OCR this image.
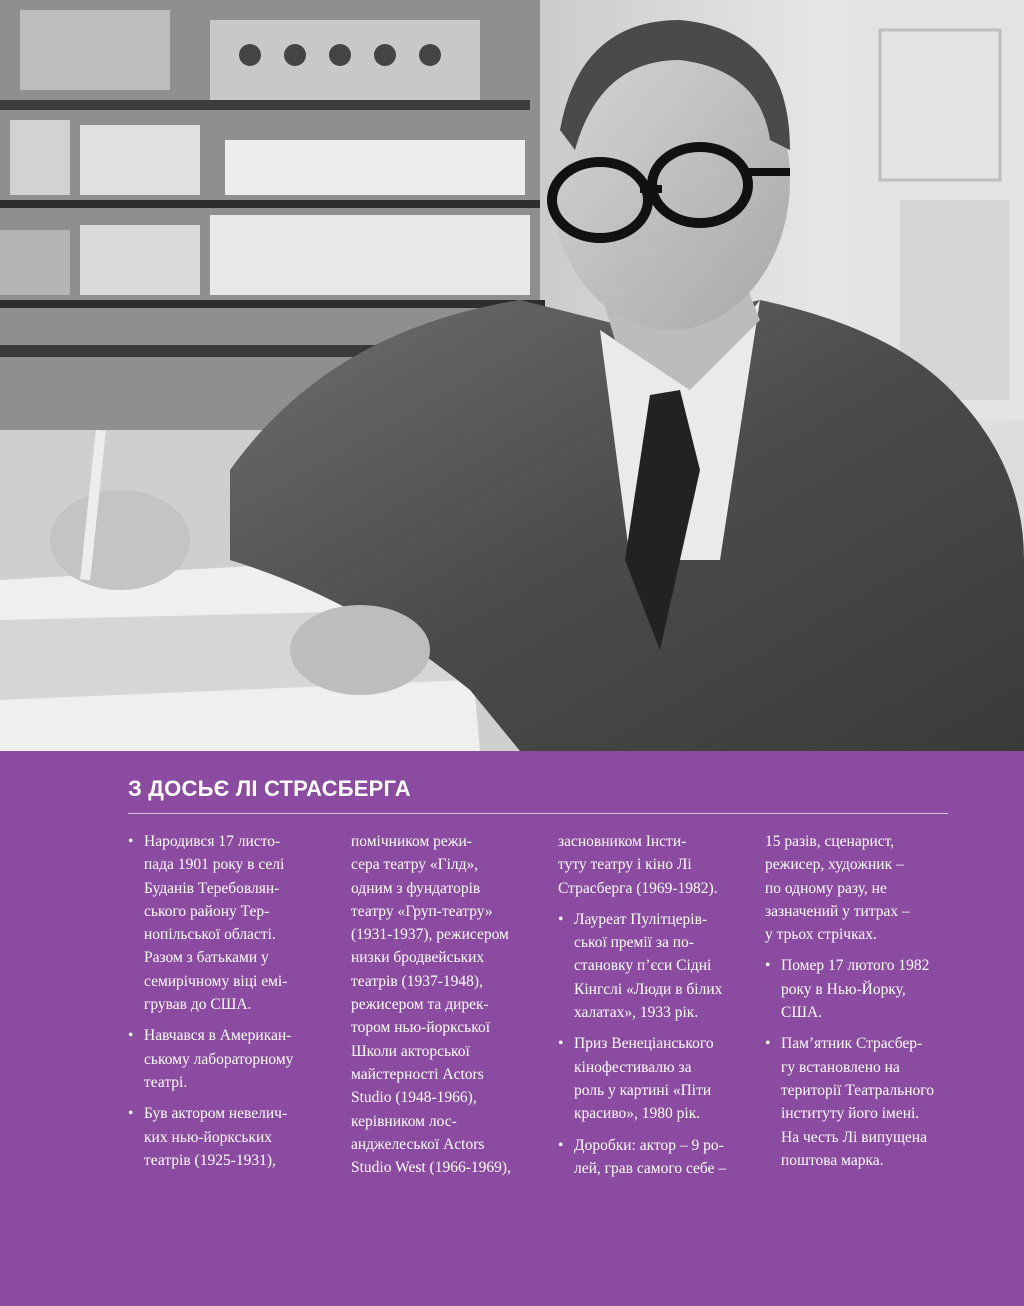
З ДОСЬЄ ЛІ СТРАСБЕРГА
• Народився 17 листо-
пада 1901 року в селі
Буданів Теребовлян-
ського району Тер-
нопільської області.
Разом з батьками у
семирічному віці емі-
грував до США.
• Навчався в Американ-
ському лабораторному
театрі.
• Був актором невелич-
ких нью-йоркських
театрів (1925-1931),
помічником режи-
сера театру «Гілд»,
одним з фундаторів
театру «Груп-театру»
(1931-1937), режисером
низки бродвейських
театрів (1937-1948),
режисером та дирек-
тором нью-йоркської
Школи акторської
майстерності Actors
Studio (1948-1966),
керівником лос-
анджелеської Actors
Studio West (1966-1969),
засновником Інсти-
туту театру і кіно Лі
Страсберга (1969-1982).
• Лауреат Пулітцерів-
ської премії за по-
становку п’єси Сідні
Кінгслі «Люди в білих
халатах», 1933 рік.
• Приз Венеціанського
кінофестивалю за
роль у картині «Піти
красиво», 1980 рік.
• Доробки: актор – 9 ро-
лей, грав самого себе –
15 разів, сценарист,
режисер, художник –
по одному разу, не
зазначений у титрах –
у трьох стрічках.
• Помер 17 лютого 1982
року в Нью-Йорку,
США.
• Пам’ятник Страсбер-
гу встановлено на
території Театрального
інституту його імені.
На честь Лі випущена
поштова марка.
